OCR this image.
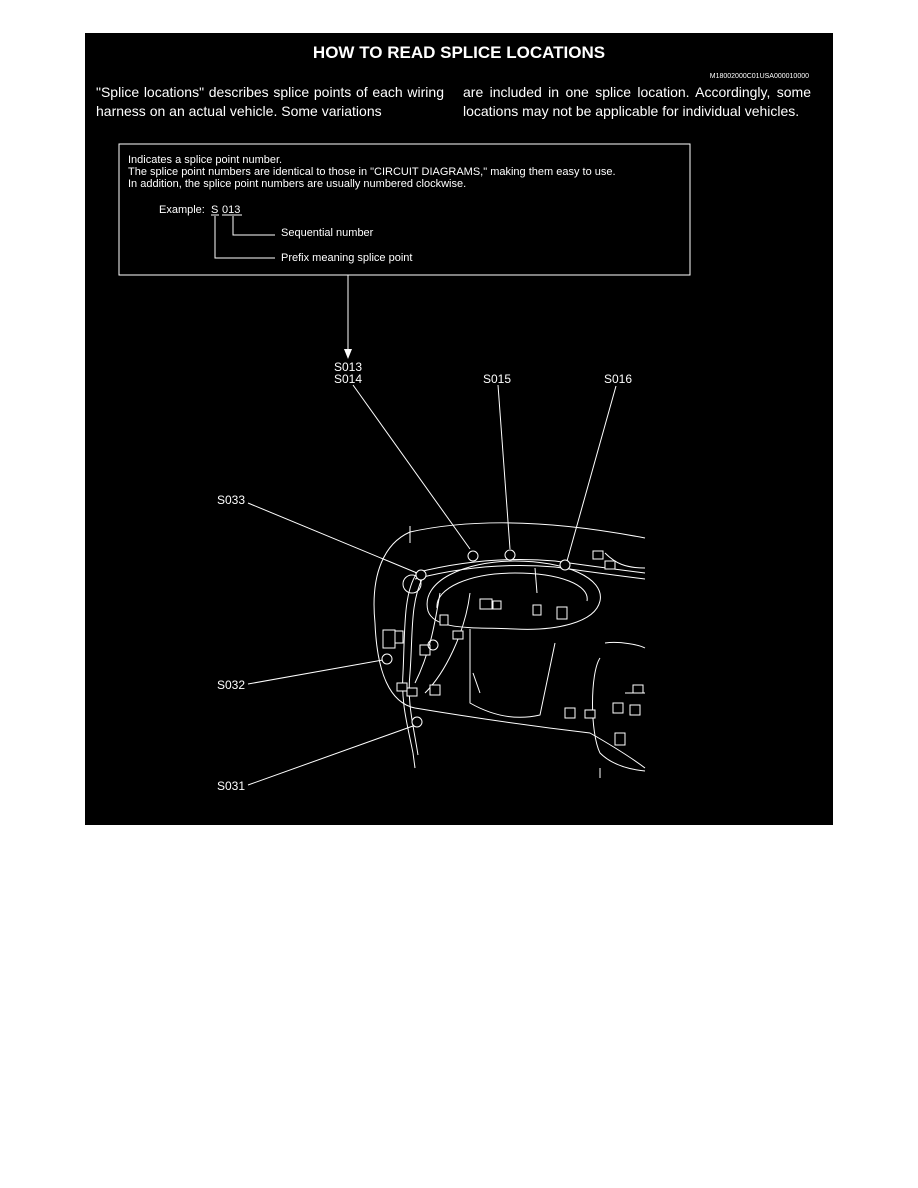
HOW TO READ SPLICE LOCATIONS
M18002000C01USA000010000
"Splice locations" describes splice points of each wiring harness on an actual vehicle. Some variations
are included in one splice location. Accordingly, some locations may not be applicable for individual vehicles.
Indicates a splice point number.
The splice point numbers are identical to those in "CIRCUIT DIAGRAMS," making them easy to use.
In addition, the splice point numbers are usually numbered clockwise.
Example: S 013
Sequential number
Prefix meaning splice point
S013
S014	S015	S016
S033
S032
S031
